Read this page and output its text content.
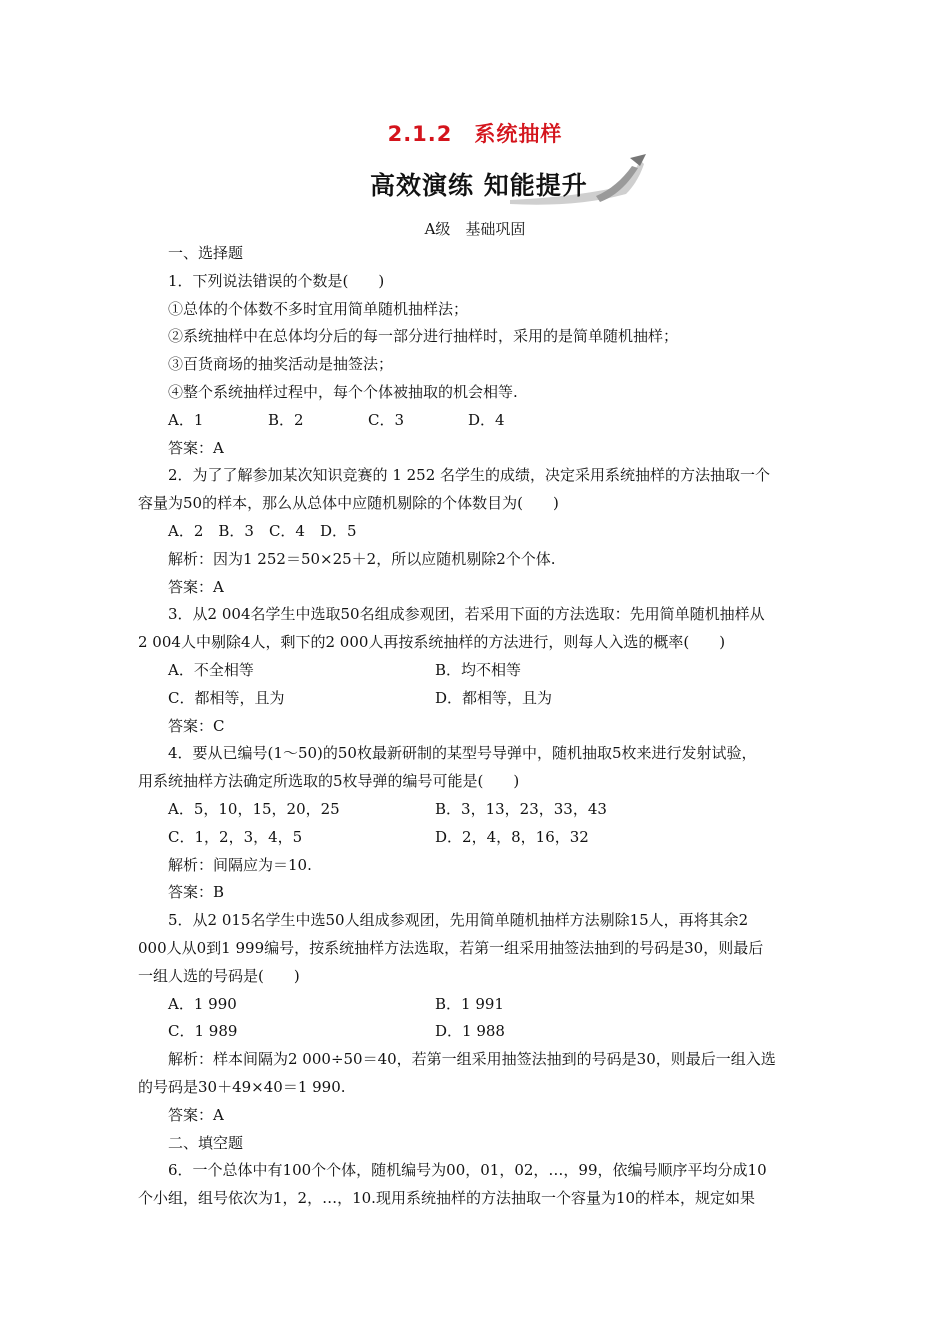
2.1.2　系统抽样
高效演练 知能提升
A级　基础巩固

一、选择题

1．下列说法错误的个数是(　　)

①总体的个体数不多时宜用简单随机抽样法；

②系统抽样中在总体均分后的每一部分进行抽样时，采用的是简单随机抽样；

③百货商场的抽奖活动是抽签法；

④整个系统抽样过程中，每个个体被抽取的机会相等.

A．1	B．2	C．3	D．4

答案：A

2．为了了解参加某次知识竞赛的 1 252 名学生的成绩，决定采用系统抽样的方法抽取一个

容量为50的样本，那么从总体中应随机剔除的个体数目为(　　)

A．2　B．3　C．4　D．5

解析：因为1 252＝50×25＋2，所以应随机剔除2个个体.

答案：A

3．从2 004名学生中选取50名组成参观团，若采用下面的方法选取：先用简单随机抽样从

2 004人中剔除4人，剩下的2 000人再按系统抽样的方法进行，则每人入选的概率(　　)

A．不全相等	B．均不相等
C．都相等，且为	D．都相等，且为

答案：C

4．要从已编号(1～50)的50枚最新研制的某型号导弹中，随机抽取5枚来进行发射试验，

用系统抽样方法确定所选取的5枚导弹的编号可能是(　　)

A．5，10，15，20，25	B．3，13，23，33，43
C．1，2，3，4，5	D．2，4，8，16，32

解析：间隔应为＝10.

答案：B

5．从2 015名学生中选50人组成参观团，先用简单随机抽样方法剔除15人，再将其余2

000人从0到1 999编号，按系统抽样方法选取，若第一组采用抽签法抽到的号码是30，则最后

一组人选的号码是(　　)

A．1 990	B．1 991
C．1 989	D．1 988

解析：样本间隔为2 000÷50＝40，若第一组采用抽签法抽到的号码是30，则最后一组入选

的号码是30＋49×40＝1 990.

答案：A

二、填空题

6．一个总体中有100个个体，随机编号为00，01，02，…，99，依编号顺序平均分成10

个小组，组号依次为1，2，…，10.现用系统抽样的方法抽取一个容量为10的样本，规定如果
